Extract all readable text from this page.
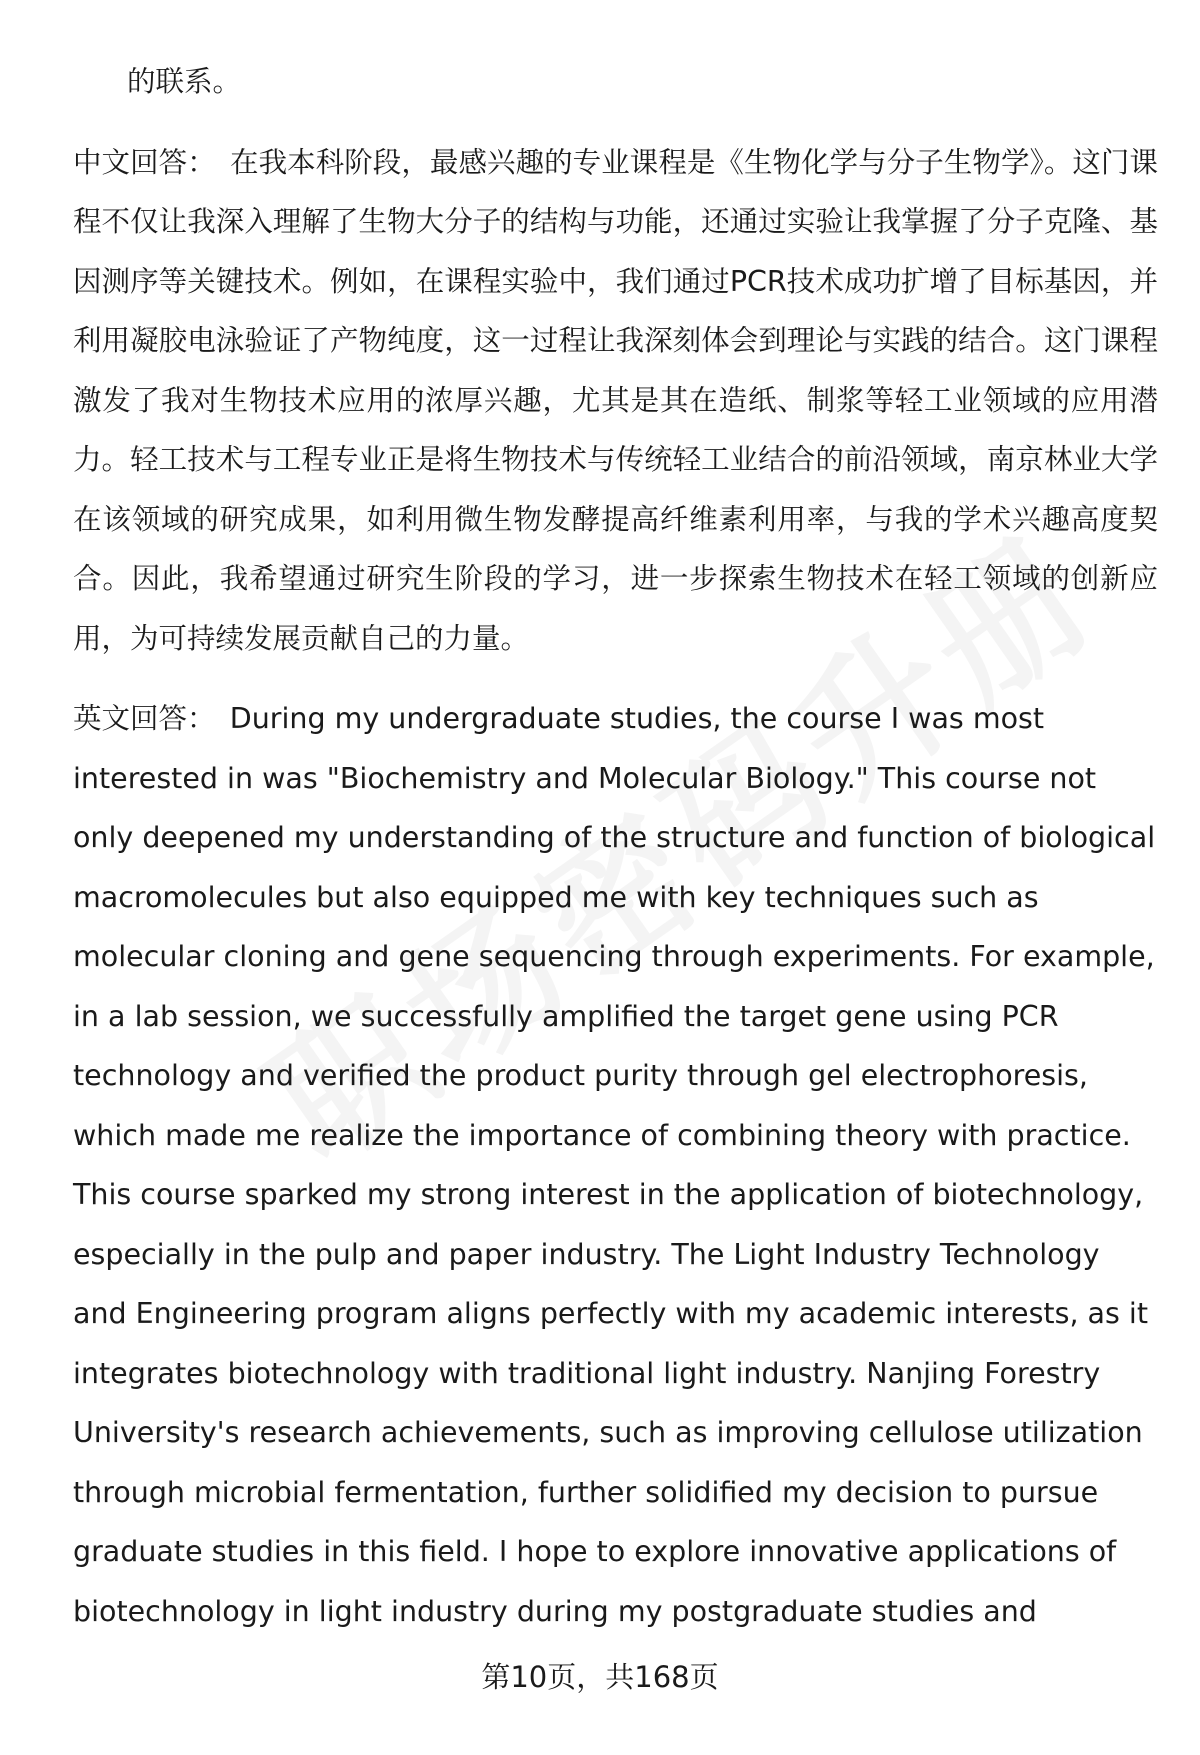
的联系。

中文回答： 在我本科阶段，最感兴趣的专业课程是《生物化学与分子生物学》。这门课程不仅让我深入理解了生物大分子的结构与功能，还通过实验让我掌握了分子克隆、基因测序等关键技术。例如，在课程实验中，我们通过PCR技术成功扩增了目标基因，并利用凝胶电泳验证了产物纯度，这一过程让我深刻体会到理论与实践的结合。这门课程激发了我对生物技术应用的浓厚兴趣，尤其是其在造纸、制浆等轻工业领域的应用潜力。轻工技术与工程专业正是将生物技术与传统轻工业结合的前沿领域，南京林业大学在该领域的研究成果，如利用微生物发酵提高纤维素利用率，与我的学术兴趣高度契合。因此，我希望通过研究生阶段的学习，进一步探索生物技术在轻工领域的创新应用，为可持续发展贡献自己的力量。

英文回答： During my undergraduate studies, the course I was most interested in was "Biochemistry and Molecular Biology." This course not only deepened my understanding of the structure and function of biological macromolecules but also equipped me with key techniques such as molecular cloning and gene sequencing through experiments. For example, in a lab session, we successfully amplified the target gene using PCR technology and verified the product purity through gel electrophoresis, which made me realize the importance of combining theory with practice. This course sparked my strong interest in the application of biotechnology, especially in the pulp and paper industry. The Light Industry Technology and Engineering program aligns perfectly with my academic interests, as it integrates biotechnology with traditional light industry. Nanjing Forestry University's research achievements, such as improving cellulose utilization through microbial fermentation, further solidified my decision to pursue graduate studies in this field. I hope to explore innovative applications of biotechnology in light industry during my postgraduate studies and

第10页，共168页
